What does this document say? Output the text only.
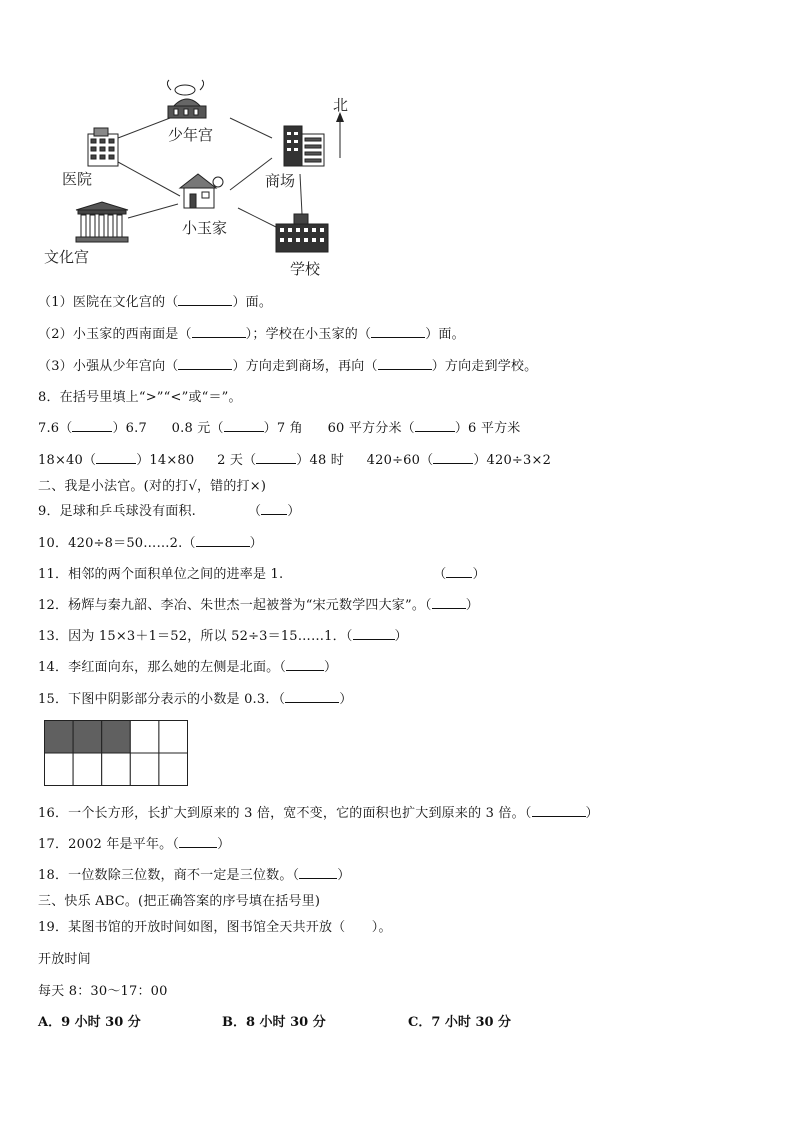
北
少年宫
医院	商场
小玉家
文化宫
学校
（1）医院在文化宫的（	）面。
（2）小玉家的西南面是（	）；学校在小玉家的（	）面。
（3）小强从少年宫向（	）方向走到商场，再向（	）方向走到学校。
8．在括号里填上“>”“<”或“＝”。
7.6（	）6.7 0.8 元（	）7 角 60 平方分米（	）6 平方米
18×40（	）14×80 2 天（	）48 时 420÷60（	）420÷3×2
二、我是小法官。(对的打√，错的打×)
9．足球和乒乓球没有面积.	（ ）
10．420÷8＝50……2.（	）
11．相邻的两个面积单位之间的进率是 1.	（ ）
12．杨辉与秦九韶、李冶、朱世杰一起被誉为“宋元数学四大家”。（	）
13．因为 15×3＋1＝52，所以 52÷3＝15……1．（	）
14．李红面向东，那么她的左侧是北面。（	）
15．下图中阴影部分表示的小数是 0.3．（	）
16．一个长方形，长扩大到原来的 3 倍，宽不变，它的面积也扩大到原来的 3 倍。（	）
17．2002 年是平年。（	）
18．一位数除三位数，商不一定是三位数。（	）
三、快乐 ABC。(把正确答案的序号填在括号里)
19．某图书馆的开放时间如图，图书馆全天共开放（　　）。
开放时间
每天 8：30～17：00
A．9 小时 30 分	B．8 小时 30 分	C．7 小时 30 分
